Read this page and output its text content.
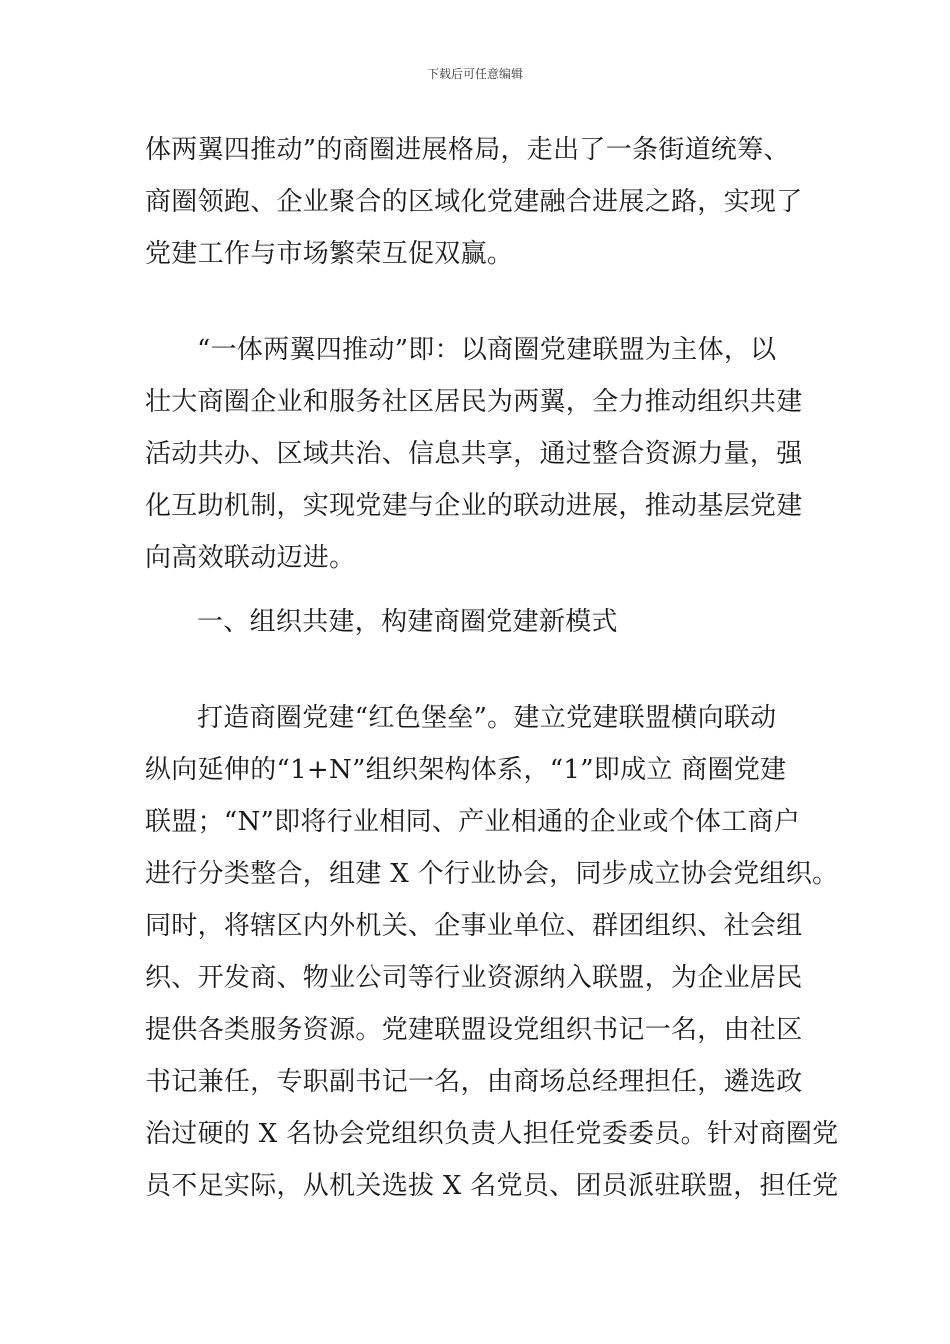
下载后可任意编辑
体两翼四推动”的商圈进展格局，走出了一条街道统筹、
商圈领跑、企业聚合的区域化党建融合进展之路，实现了
党建工作与市场繁荣互促双赢。
“一体两翼四推动”即：以商圈党建联盟为主体，以
壮大商圈企业和服务社区居民为两翼，全力推动组织共建
活动共办、区域共治、信息共享，通过整合资源力量，强
化互助机制，实现党建与企业的联动进展，推动基层党建
向高效联动迈进。
一、组织共建，构建商圈党建新模式
打造商圈党建“红色堡垒”。建立党建联盟横向联动
纵向延伸的“1+N”组织架构体系，“1”即成立 商圈党建
联盟；“N”即将行业相同、产业相通的企业或个体工商户
进行分类整合，组建 X 个行业协会，同步成立协会党组织。
同时，将辖区内外机关、企事业单位、群团组织、社会组
织、开发商、物业公司等行业资源纳入联盟，为企业居民
提供各类服务资源。党建联盟设党组织书记一名，由社区
书记兼任，专职副书记一名，由商场总经理担任，遴选政
治过硬的 X 名协会党组织负责人担任党委委员。针对商圈党
员不足实际，从机关选拔 X 名党员、团员派驻联盟，担任党
